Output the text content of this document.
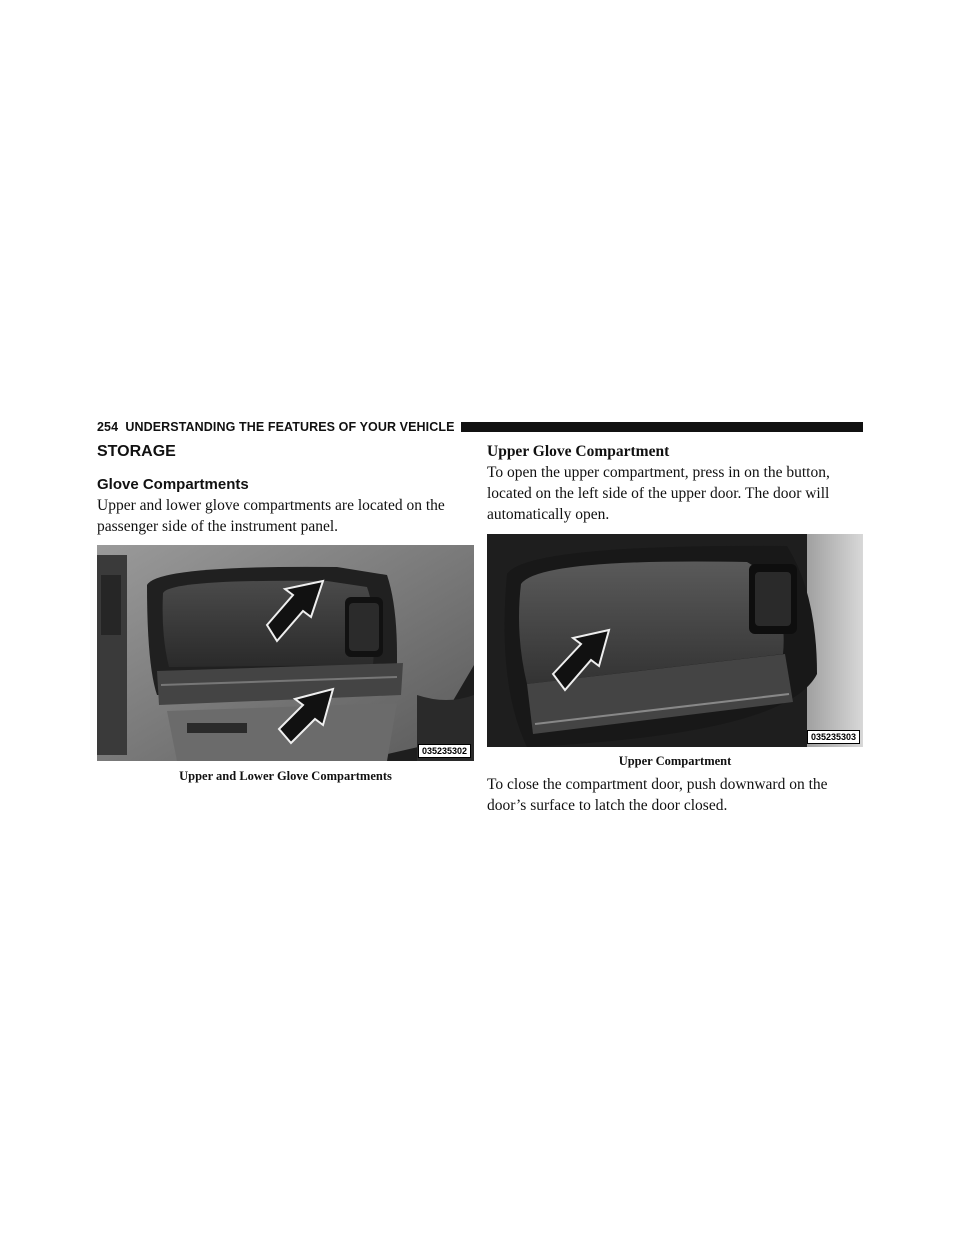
254 UNDERSTANDING THE FEATURES OF YOUR VEHICLE
STORAGE
Glove Compartments

Upper and lower glove compartments are located on the passenger side of the instrument panel.

035235302
Upper and Lower Glove Compartments
Upper Glove Compartment

To open the upper compartment, press in on the button, located on the left side of the upper door. The door will automatically open.

035235303
Upper Compartment

To close the compartment door, push downward on the door’s surface to latch the door closed.
